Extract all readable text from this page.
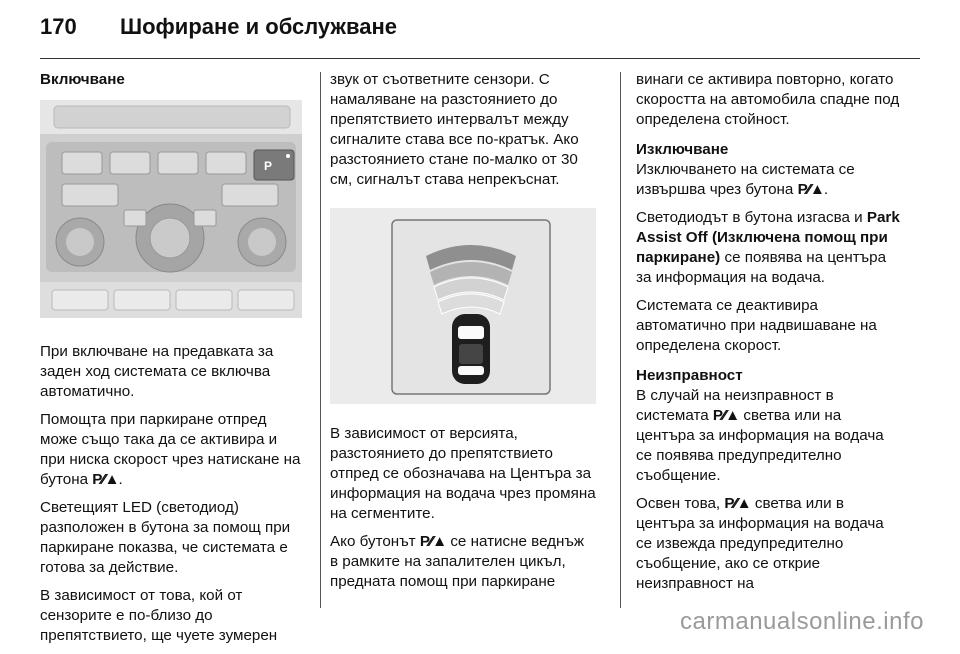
170 Шофиране и обслужване
Включване
P

При включване на предавката за заден ход системата се включва автоматично.

Помощта при паркиране отпред може също така да се активира и при ниска скорост чрез натискане на бутона P⁄⁄▲.

Светещият LED (светодиод) разположен в бутона за помощ при паркиране показва, че системата е готова за действие.

В зависимост от това, кой от сензорите е по-близо до препятствието, ще чуете зумерен

звук от съответните сензори. С намаляване на разстоянието до препятствието интервалът между сигналите става все по-кратък. Ако разстоянието стане по-малко от 30 см, сигналът става непрекъснат.

В зависимост от версията, разстоянието до препятствието отпред се обозначава на Центъра за информация на водача чрез промяна на сегментите.

Ако бутонът P⁄⁄▲ се натисне веднъж в рамките на запалителен цикъл, предната помощ при паркиране

винаги се активира повторно, когато скоростта на автомобила спадне под определена стойност.

Изключване

Изключването на системата се извършва чрез бутона P⁄⁄▲.

Светодиодът в бутона изгасва и Park Assist Off (Изключена помощ при паркиране) се появява на центъра за информация на водача.

Системата се деактивира автоматично при надвишаване на определена скорост.

Неизправност

В случай на неизправност в системата P⁄⁄▲ светва или на центъра за информация на водача се появява предупредително съобщение.

Освен това, P⁄⁄▲ светва или в центъра за информация на водача се извежда предупредително съобщение, ако се открие неизправност на

carmanualsonline.info
